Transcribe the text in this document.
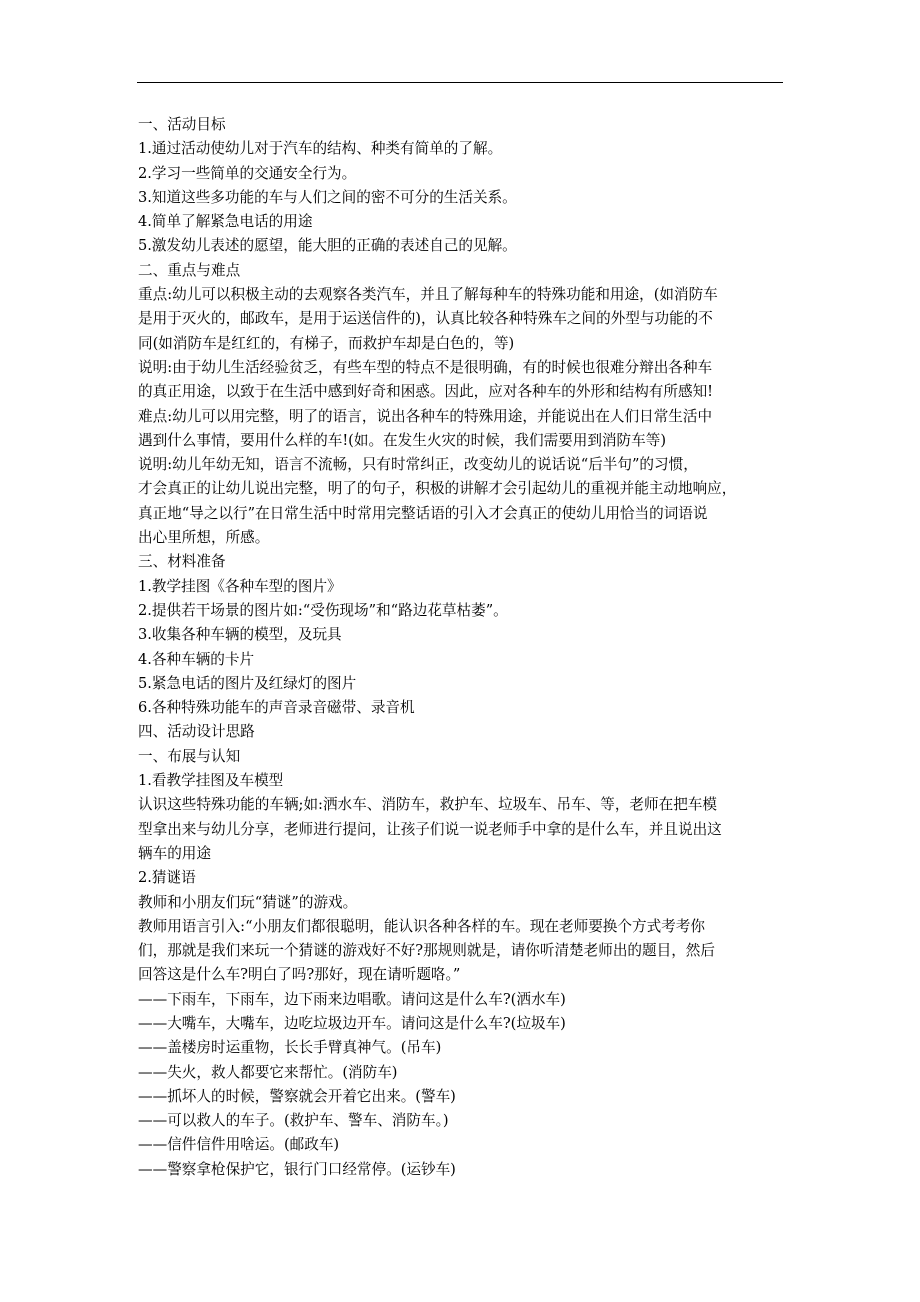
一、活动目标
1.通过活动使幼儿对于汽车的结构、种类有简单的了解。
2.学习一些简单的交通安全行为。
3.知道这些多功能的车与人们之间的密不可分的生活关系。
4.简单了解紧急电话的用途
5.激发幼儿表述的愿望，能大胆的正确的表述自己的见解。
二、重点与难点
重点:幼儿可以积极主动的去观察各类汽车，并且了解每种车的特殊功能和用途，(如消防车
是用于灭火的，邮政车，是用于运送信件的)，认真比较各种特殊车之间的外型与功能的不
同(如消防车是红红的，有梯子，而救护车却是白色的，等)
说明:由于幼儿生活经验贫乏，有些车型的特点不是很明确，有的时候也很难分辩出各种车
的真正用途，以致于在生活中感到好奇和困惑。因此，应对各种车的外形和结构有所感知!
难点:幼儿可以用完整，明了的语言，说出各种车的特殊用途，并能说出在人们日常生活中
遇到什么事情，要用什么样的车!(如。在发生火灾的时候，我们需要用到消防车等)
说明:幼儿年幼无知，语言不流畅，只有时常纠正，改变幼儿的说话说“后半句”的习惯，
才会真正的让幼儿说出完整，明了的句子，积极的讲解才会引起幼儿的重视并能主动地响应，
真正地“导之以行”在日常生活中时常用完整话语的引入才会真正的使幼儿用恰当的词语说
出心里所想，所感。
三、材料准备
1.教学挂图《各种车型的图片》
2.提供若干场景的图片如:“受伤现场”和“路边花草枯萎”。
3.收集各种车辆的模型，及玩具
4.各种车辆的卡片
5.紧急电话的图片及红绿灯的图片
6.各种特殊功能车的声音录音磁带、录音机
四、活动设计思路
一、布展与认知
1.看教学挂图及车模型
认识这些特殊功能的车辆;如:洒水车、消防车，救护车、垃圾车、吊车、等，老师在把车模
型拿出来与幼儿分享，老师进行提问，让孩子们说一说老师手中拿的是什么车，并且说出这
辆车的用途
2.猜谜语
教师和小朋友们玩“猜谜”的游戏。
教师用语言引入:“小朋友们都很聪明，能认识各种各样的车。现在老师要换个方式考考你
们，那就是我们来玩一个猜谜的游戏好不好?那规则就是，请你听清楚老师出的题目，然后
回答这是什么车?明白了吗?那好，现在请听题咯。”
——下雨车，下雨车，边下雨来边唱歌。请问这是什么车?(洒水车)
——大嘴车，大嘴车，边吃垃圾边开车。请问这是什么车?(垃圾车)
——盖楼房时运重物，长长手臂真神气。(吊车)
——失火，救人都要它来帮忙。(消防车)
——抓坏人的时候，警察就会开着它出来。(警车)
——可以救人的车子。(救护车、警车、消防车。)
——信件信件用啥运。(邮政车)
——警察拿枪保护它，银行门口经常停。(运钞车)
